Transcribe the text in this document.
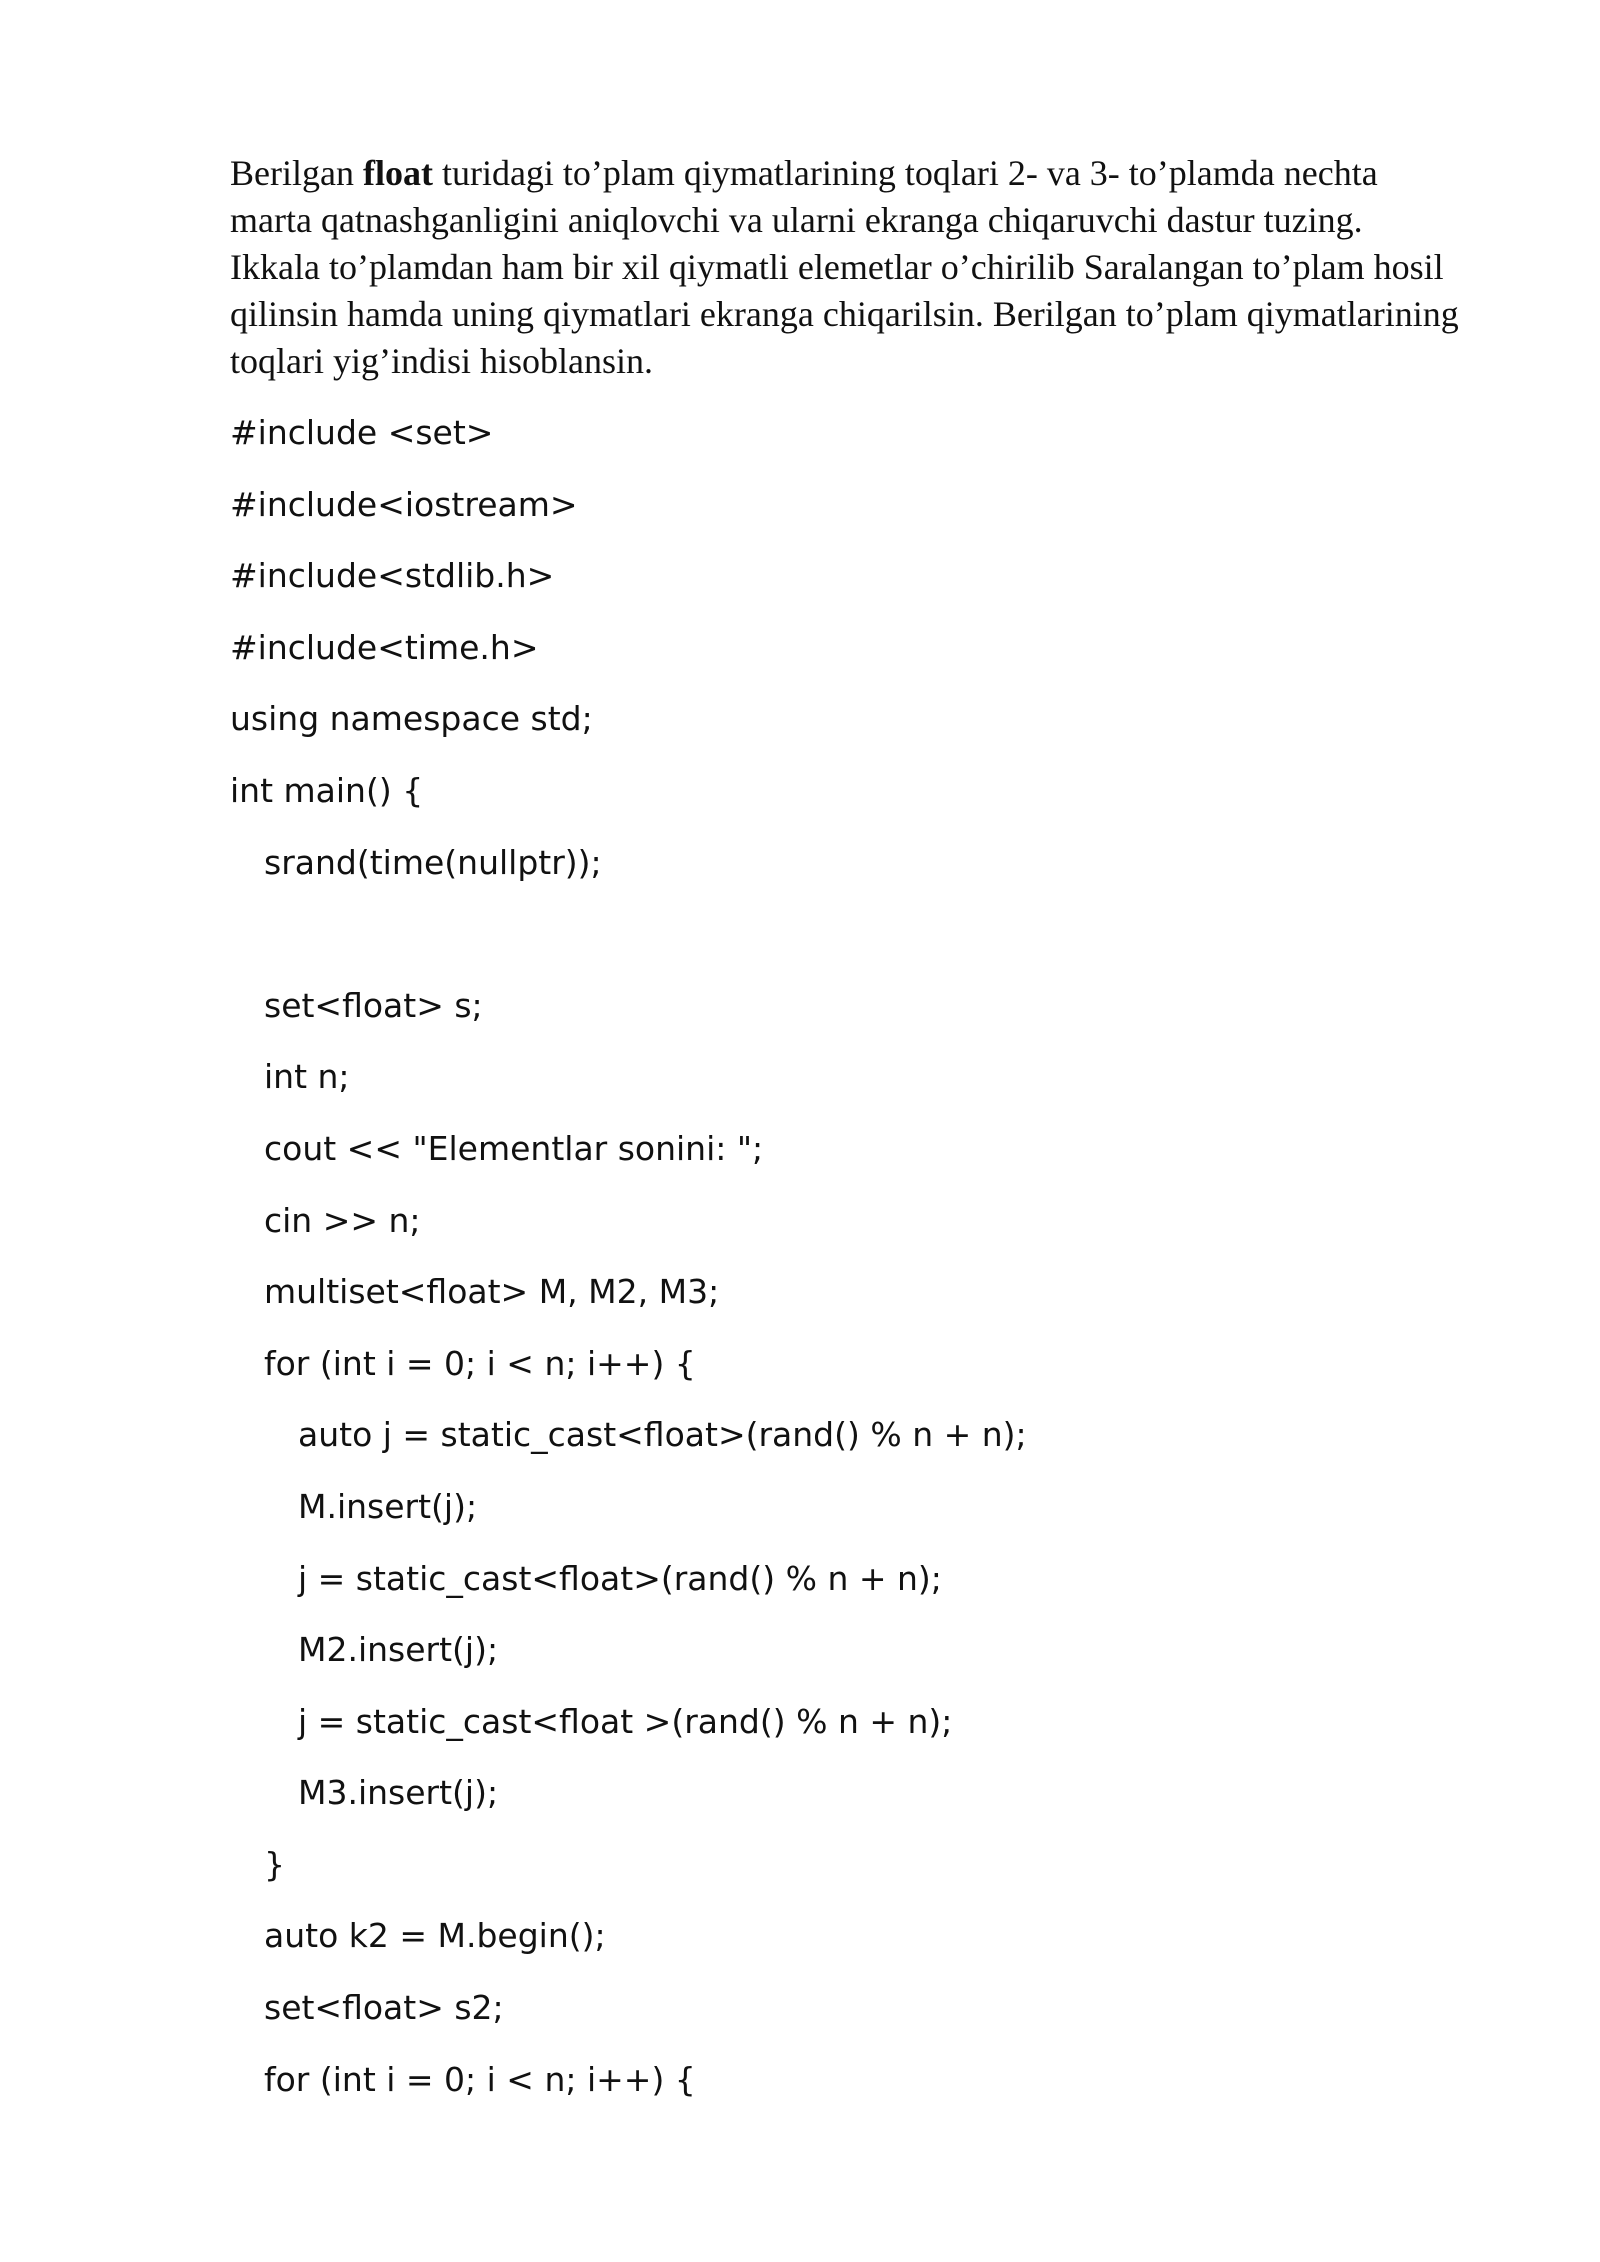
Berilgan float turidagi to’plam qiymatlarining toqlari 2- va 3- to’plamda nechta marta qatnashganligini aniqlovchi va ularni ekranga chiqaruvchi dastur tuzing. Ikkala to’plamdan ham bir xil qiymatli elemetlar o’chirilib Saralangan to’plam hosil qilinsin hamda uning qiymatlari ekranga chiqarilsin. Berilgan to’plam qiymatlarining toqlari yig’indisi hisoblansin.
#include <set>
#include<iostream>
#include<stdlib.h>
#include<time.h>
using namespace std;
int main() {
srand(time(nullptr));
set<float> s;
int n;
cout << "Elementlar sonini: ";
cin >> n;
multiset<float> M, M2, M3;
for (int i = 0; i < n; i++) {
auto j = static_cast<float>(rand() % n + n);
M.insert(j);
j = static_cast<float>(rand() % n + n);
M2.insert(j);
j = static_cast<float >(rand() % n + n);
M3.insert(j);
}
auto k2 = M.begin();
set<float> s2;
for (int i = 0; i < n; i++) {
